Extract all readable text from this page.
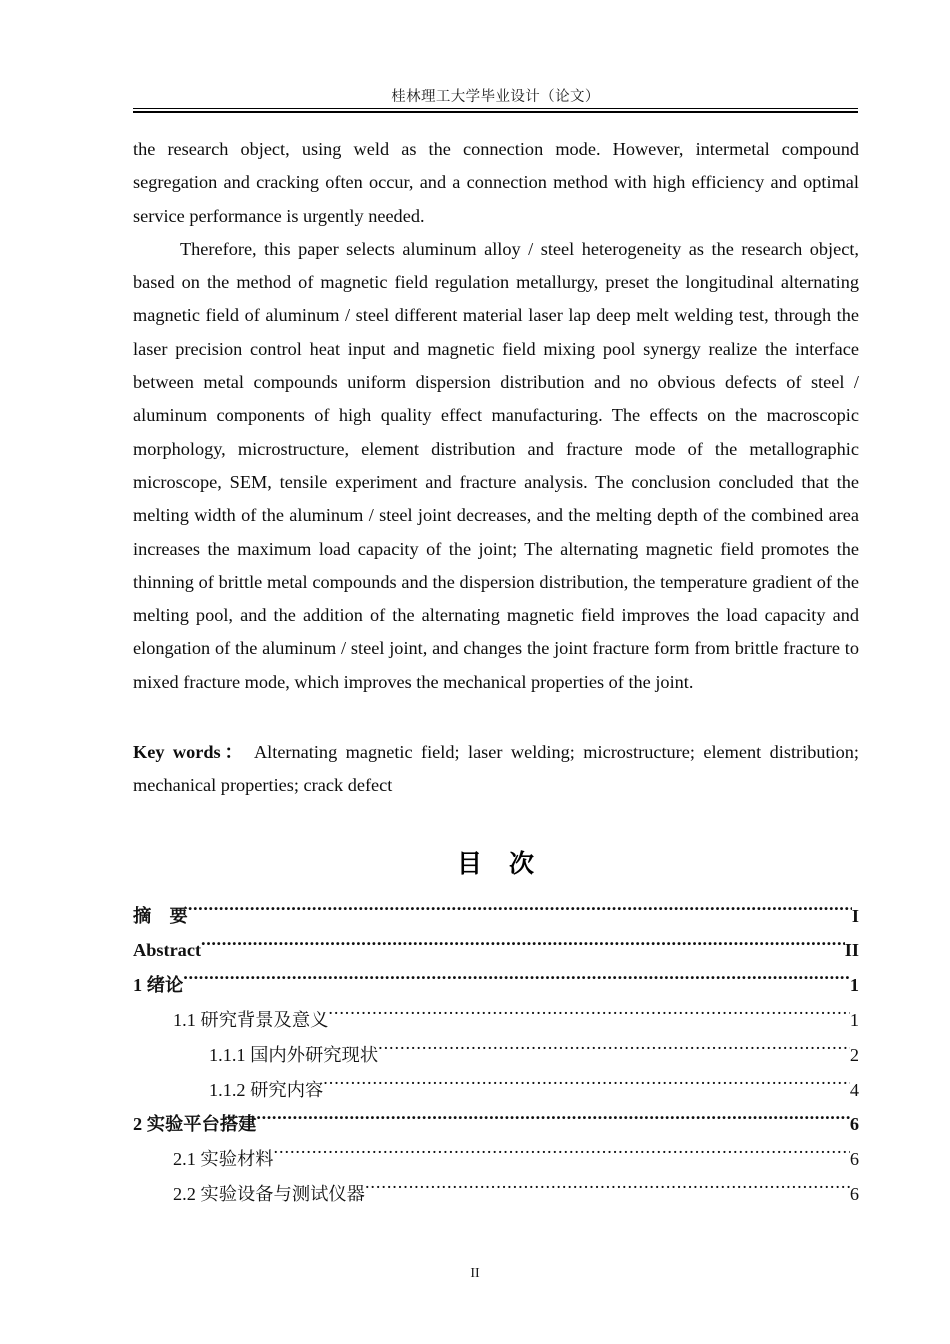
桂林理工大学毕业设计（论文）

the research object, using weld as the connection mode. However, intermetal compound segregation and cracking often occur, and a connection method with high efficiency and optimal service performance is urgently needed.

Therefore, this paper selects aluminum alloy / steel heterogeneity as the research object, based on the method of magnetic field regulation metallurgy, preset the longitudinal alternating magnetic field of aluminum / steel different material laser lap deep melt welding test, through the laser precision control heat input and magnetic field mixing pool synergy realize the interface between metal compounds uniform dispersion distribution and no obvious defects of steel / aluminum components of high quality effect manufacturing. The effects on the macroscopic morphology, microstructure, element distribution and fracture mode of the metallographic microscope, SEM, tensile experiment and fracture analysis. The conclusion concluded that the melting width of the aluminum / steel joint decreases, and the melting depth of the combined area increases the maximum load capacity of the joint; The alternating magnetic field promotes the thinning of brittle metal compounds and the dispersion distribution, the temperature gradient of the melting pool, and the addition of the alternating magnetic field improves the load capacity and elongation of the aluminum / steel joint, and changes the joint fracture form from brittle fracture to mixed fracture mode, which improves the mechanical properties of the joint.

Key words： Alternating magnetic field; laser welding; microstructure; element distribution; mechanical properties; crack defect
目　次
摘　要 .....	I
Abstract .....	II
1 绪论 .....	1
1.1 研究背景及意义 .....	1
1.1.1 国内外研究现状 .....	2
1.1.2 研究内容 .....	4
2 实验平台搭建 .....	6
2.1 实验材料 .....	6
2.2 实验设备与测试仪器 .....	6
II
